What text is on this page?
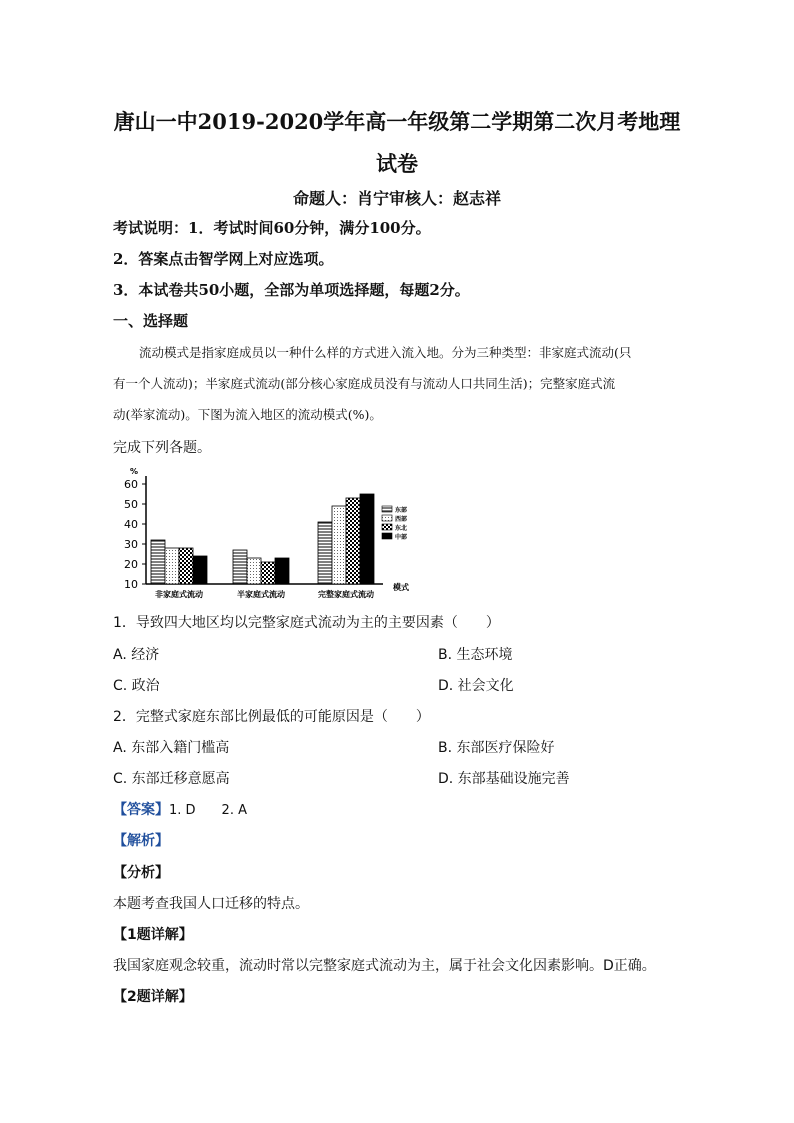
唐山一中2019-2020学年高一年级第二学期第二次月考地理
试卷
命题人：肖宁审核人：赵志祥
考试说明：1．考试时间60分钟，满分100分。
2．答案点击智学网上对应选项。
3．本试卷共50小题，全部为单项选择题，每题2分。
一、选择题
流动模式是指家庭成员以一种什么样的方式进入流入地。分为三种类型：非家庭式流动(只
有一个人流动)；半家庭式流动(部分核心家庭成员没有与流动人口共同生活)；完整家庭式流
动(举家流动)。下图为流入地区的流动模式(%)。
完成下列各题。
10
20
30
40
50
60
%
模式
非家庭式流动	半家庭式流动	完整家庭式流动
东部
西部
东北
中部
1．导致四大地区均以完整家庭式流动为主的主要因素（　　）
A. 经济	B. 生态环境
C. 政治	D. 社会文化
2．完整式家庭东部比例最低的可能原因是（　　）
A. 东部入籍门槛高	B. 东部医疗保险好
C. 东部迁移意愿高	D. 东部基础设施完善
【答案】1. D　　2. A
【解析】
【分析】
本题考查我国人口迁移的特点。
【1题详解】
我国家庭观念较重，流动时常以完整家庭式流动为主，属于社会文化因素影响。D正确。
【2题详解】
